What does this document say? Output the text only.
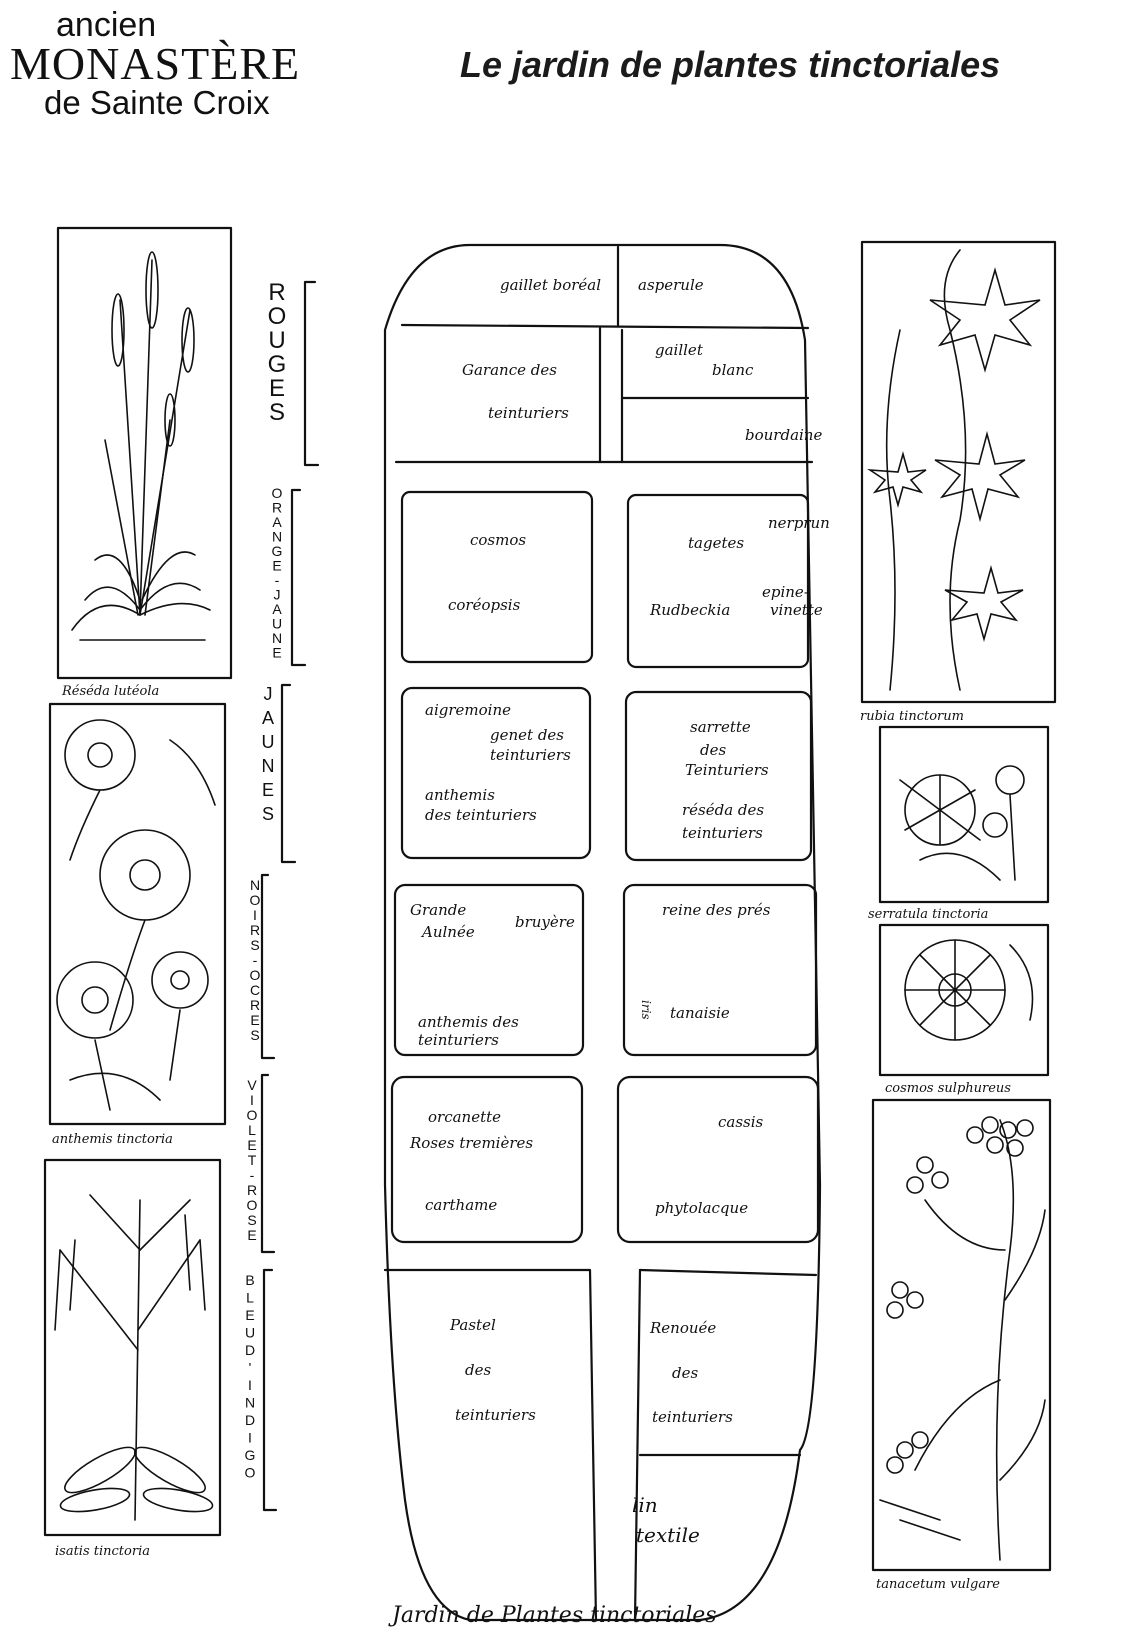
ancien
MONASTÈRE
de Sainte Croix
Le jardin de plantes tinctoriales
gaillet boréal asperule
Garance des
teinturiers
gaillet
blanc
bourdaine
cosmos
coréopsis
tagetes
nerprun
Rudbeckia
epine-
vinette
aigremoine
genet des
teinturiers
anthemis
des teinturiers
sarrette
des
Teinturiers
réséda des
teinturiers
Grande
Aulnée
bruyère
anthemis des
teinturiers
reine des prés
iris tanaisie
orcanette
Roses tremières
carthame
cassis
phytolacque
Pastel
des
teinturiers
Renouée
des
teinturiers
lin
textile
Réséda lutéola
anthemis tinctoria
isatis tinctoria
rubia tinctorum
serratula tinctoria
cosmos sulphureus
tanacetum vulgare
Jardin de Plantes tinctoriales
R
O
U
G
E
S
O
R
A
N
G
E
-
J
A
U
N
E
J
A
U
N
E
S
N
O
I
R
S
-
O
C
R
E
S
V
I
O
L
E
T
-
R
O
S
E
B
L
E
U
D
'
I
N
D
I
G
O
